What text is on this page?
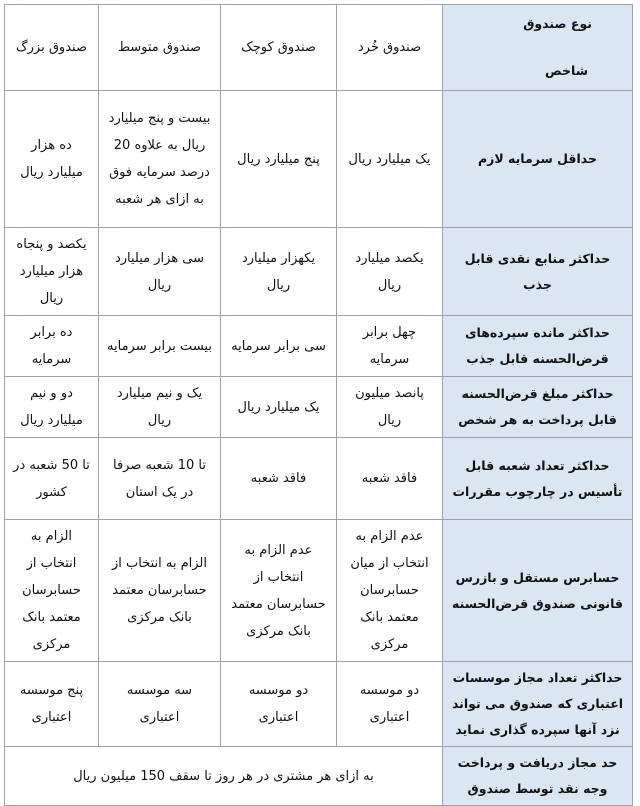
نوع صندوق
شاخص	صندوق خُرد	صندوق کوچک	صندوق متوسط	صندوق بزرگ
حداقل سرمایه لازم	یک میلیارد ریال	پنج میلیارد ریال	بیست و پنج میلیارد ریال به علاوه 20 درصد سرمایه فوق به ازای هر شعبه	ده هزار میلیارد ریال
حداکثر منابع نقدی قابل جذب	یکصد میلیارد ریال	یکهزار میلیارد ریال	سی هزار میلیارد ریال	یکصد و پنجاه هزار میلیارد ریال
حداکثر مانده سپرده‌های قرض‌الحسنه قابل جذب	چهل برابر سرمایه	سی برابر سرمایه	بیست برابر سرمایه	ده برابر سرمایه
حداکثر مبلغ قرض‌الحسنه قابل پرداخت به هر شخص	پانصد میلیون ریال	یک میلیارد ریال	یک و نیم میلیارد ریال	دو و نیم میلیارد ریال
حداکثر تعداد شعبه قابل تأسیس در چارچوب مقررات	فاقد شعبه	فاقد شعبه	تا 10 شعبه صرفا در یک استان	تا 50 شعبه در کشور
حسابرس مستقل و بازرس قانونی صندوق قرض‌الحسنه	عدم الزام به انتخاب از میان حسابرسان معتمد بانک مرکزی	عدم الزام به انتخاب از حسابرسان معتمد بانک مرکزی	الزام به انتخاب از حسابرسان معتمد بانک مرکزی	الزام به انتخاب از حسابرسان معتمد بانک مرکزی
حداکثر تعداد مجاز موسسات اعتباری که صندوق می تواند نزد آنها سپرده گذاری نماید	دو موسسه اعتباری	دو موسسه اعتباری	سه موسسه اعتباری	پنج موسسه اعتباری
حد مجاز دریافت و پرداخت وجه نقد توسط صندوق	به ازای هر مشتری در هر روز تا سقف 150 میلیون ریال			
